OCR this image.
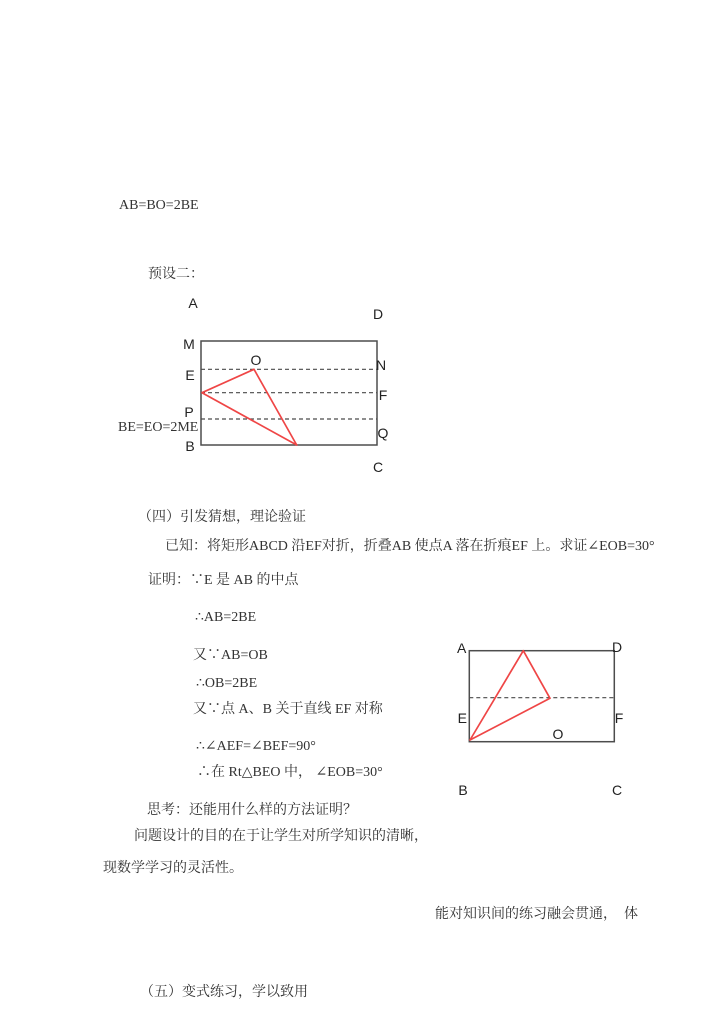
AB=BO=2BE
预设二：
BE=EO=2ME
A
D
M
E
P
B
O	N
F
Q
C
（四）引发猜想，理论验证
已知：将矩形ABCD 沿EF对折，折叠AB 使点A 落在折痕EF 上。求证∠EOB=30°
证明：∵E 是 AB 的中点
∴AB=2BE
又∵AB=OB
∴OB=2BE
又∵点 A、B 关于直线 EF 对称
∴∠AEF=∠BEF=90°
∴在 Rt△BEO 中， ∠EOB=30°
A	D
E	F
O
B	C
思考：还能用什么样的方法证明？
问题设计的目的在于让学生对所学知识的清晰，
现数学学习的灵活性。
能对知识间的练习融会贯通，  体
（五）变式练习，学以致用
